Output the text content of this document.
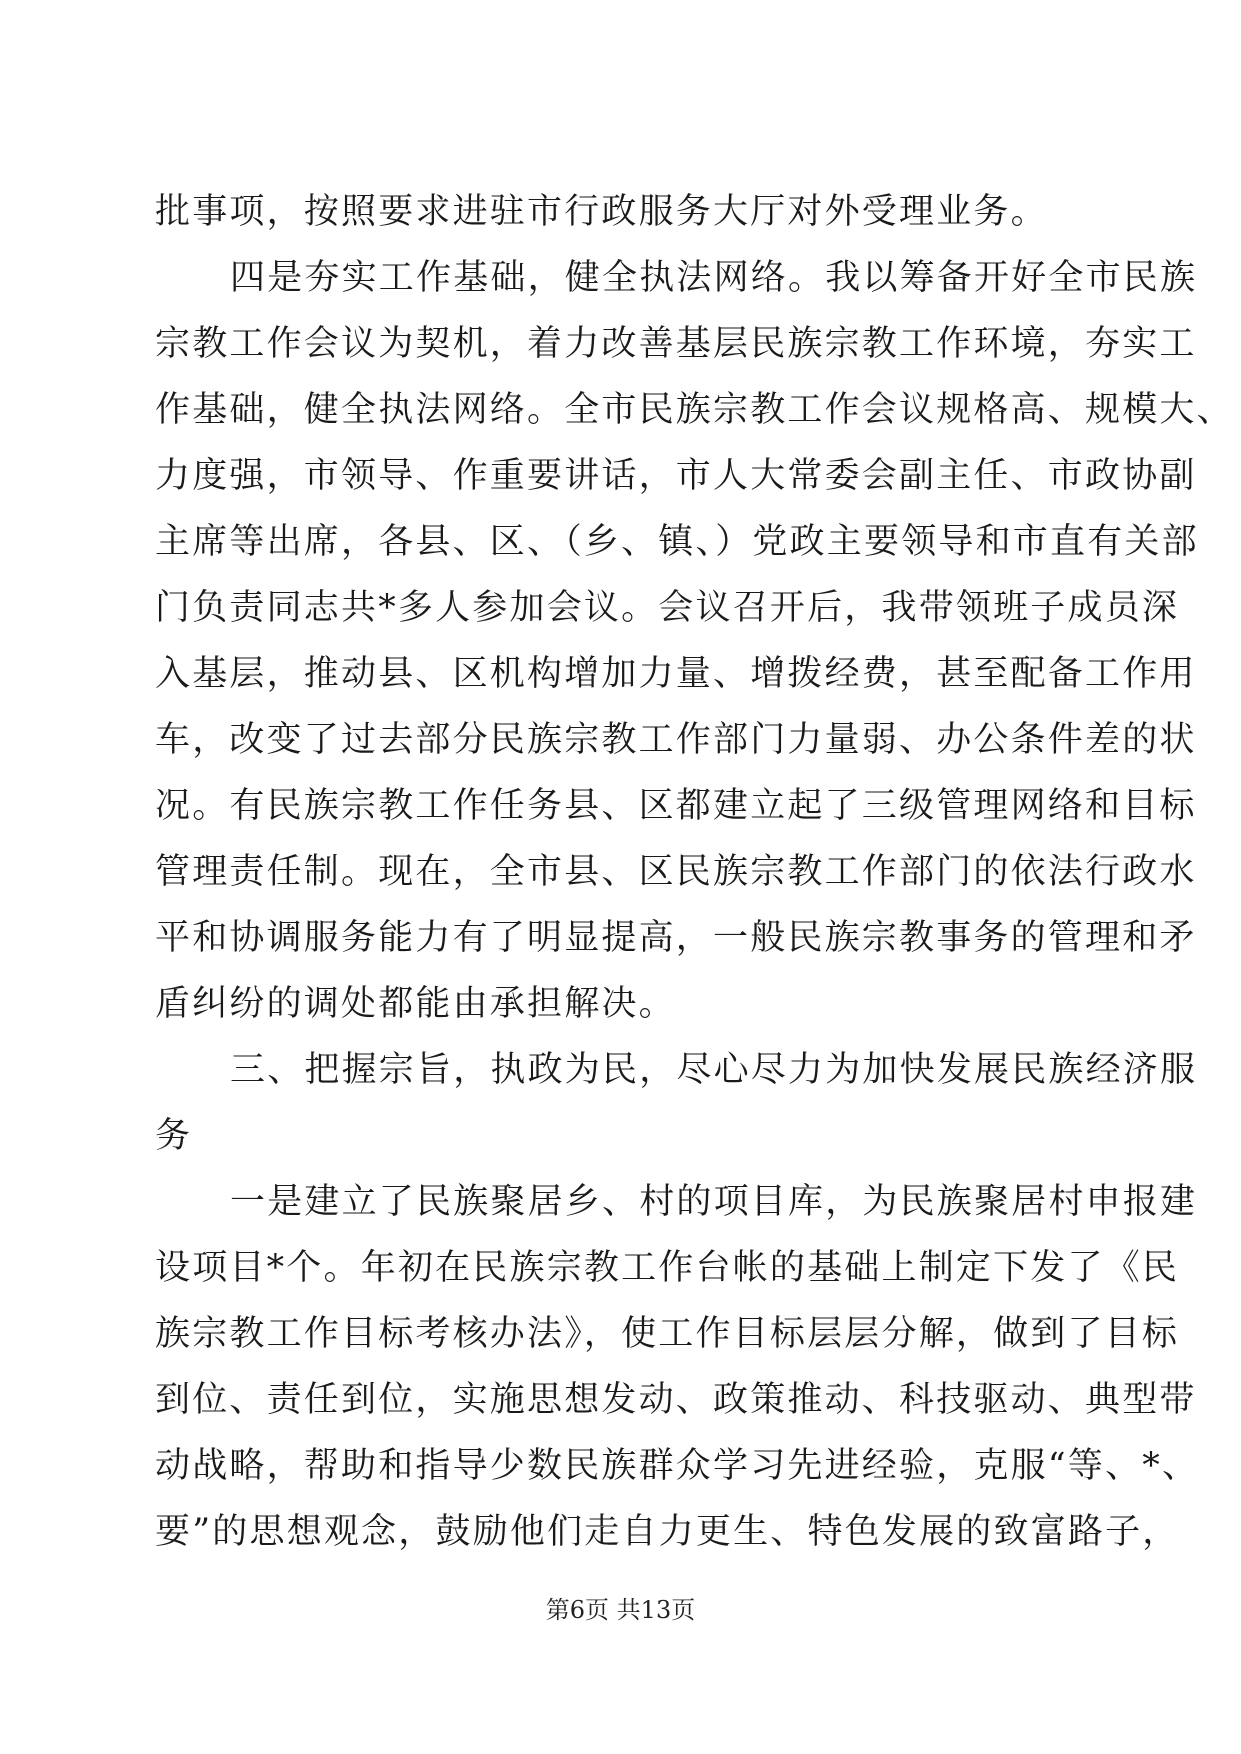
批事项，按照要求进驻市行政服务大厅对外受理业务。
四是夯实工作基础，健全执法网络。我以筹备开好全市民族
宗教工作会议为契机，着力改善基层民族宗教工作环境，夯实工
作基础，健全执法网络。全市民族宗教工作会议规格高、规模大、
力度强，市领导、作重要讲话，市人大常委会副主任、市政协副
主席等出席，各县、区、（乡、镇、）党政主要领导和市直有关部
门负责同志共*多人参加会议。会议召开后，我带领班子成员深
入基层，推动县、区机构增加力量、增拨经费，甚至配备工作用
车，改变了过去部分民族宗教工作部门力量弱、办公条件差的状
况。有民族宗教工作任务县、区都建立起了三级管理网络和目标
管理责任制。现在，全市县、区民族宗教工作部门的依法行政水
平和协调服务能力有了明显提高，一般民族宗教事务的管理和矛
盾纠纷的调处都能由承担解决。
三、把握宗旨，执政为民，尽心尽力为加快发展民族经济服
务
一是建立了民族聚居乡、村的项目库，为民族聚居村申报建
设项目*个。年初在民族宗教工作台帐的基础上制定下发了《民
族宗教工作目标考核办法》，使工作目标层层分解，做到了目标
到位、责任到位，实施思想发动、政策推动、科技驱动、典型带
动战略，帮助和指导少数民族群众学习先进经验，克服“等、*、
要”的思想观念，鼓励他们走自力更生、特色发展的致富路子，
第6页 共13页
